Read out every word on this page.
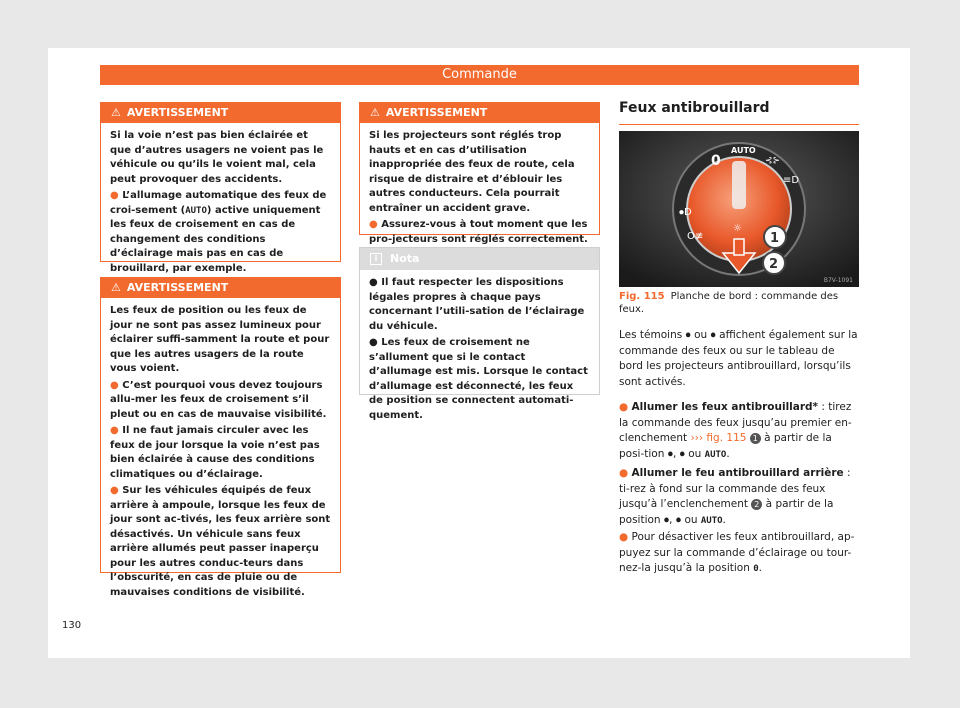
Commande
⚠ AVERTISSEMENT

Si la voie n’est pas bien éclairée et que d’autres usagers ne voient pas le véhicule ou qu’ils le voient mal, cela peut provoquer des accidents.

● L’allumage automatique des feux de croi-sement (AUTO) active uniquement les feux de croisement en cas de changement des conditions d’éclairage mais pas en cas de brouillard, par exemple.

⚠ AVERTISSEMENT

Les feux de position ou les feux de jour ne sont pas assez lumineux pour éclairer suffi-samment la route et pour que les autres usagers de la route vous voient.

● C’est pourquoi vous devez toujours allu-mer les feux de croisement s’il pleut ou en cas de mauvaise visibilité.

● Il ne faut jamais circuler avec les feux de jour lorsque la voie n’est pas bien éclairée à cause des conditions climatiques ou d’éclairage.

● Sur les véhicules équipés de feux arrière à ampoule, lorsque les feux de jour sont ac-tivés, les feux arrière sont désactivés. Un véhicule sans feux arrière allumés peut passer inaperçu pour les autres conduc-teurs dans l’obscurité, en cas de pluie ou de mauvaises conditions de visibilité.

⚠ AVERTISSEMENT

Si les projecteurs sont réglés trop hauts et en cas d’utilisation inappropriée des feux de route, cela risque de distraire et d’éblouir les autres conducteurs. Cela pourrait entraîner un accident grave.

● Assurez-vous à tout moment que les pro-jecteurs sont réglés correctement.

i	Nota

● Il faut respecter les dispositions légales propres à chaque pays concernant l’utili-sation de l’éclairage du véhicule.

● Les feux de croisement ne s’allument que si le contact d’allumage est mis. Lorsque le contact d’allumage est déconnecté, les feux de position se connectent automati-quement.

Feux antibrouillard
0
AUTO
⊰⊱
≡D
⦁D
O≢
☼
1
2
B7V-1091
Fig. 115 Planche de bord : commande des feux.
Les témoins ⦁ ou ⦁ affichent également sur la commande des feux ou sur le tableau de bord les projecteurs antibrouillard, lorsqu’ils sont activés.
● Allumer les feux antibrouillard* : tirez la commande des feux jusqu’au premier en-clenchement ››› fig. 115 1 à partir de la posi-tion ⦁, ⦁ ou AUTO.
● Allumer le feu antibrouillard arrière : ti-rez à fond sur la commande des feux jusqu’à l’enclenchement 2 à partir de la position ⦁, ⦁ ou AUTO.
● Pour désactiver les feux antibrouillard, ap-puyez sur la commande d’éclairage ou tour-nez-la jusqu’à la position 0.
130
